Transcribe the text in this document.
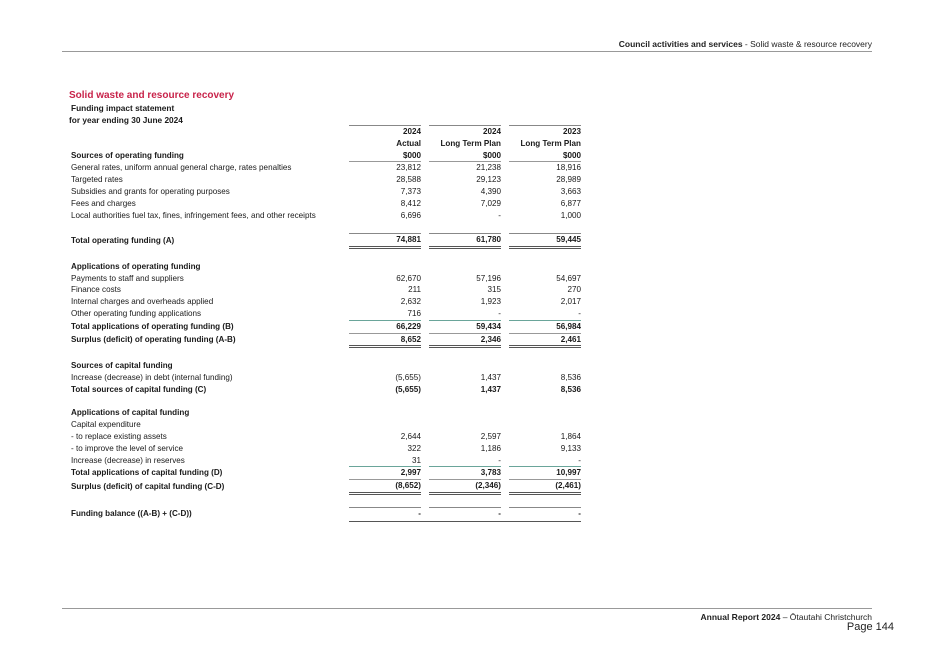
Council activities and services - Solid waste & resource recovery
Solid waste and resource recovery
Funding impact statement
for year ending 30 June 2024
		2024		2024		2023
		Actual		Long Term Plan		Long Term Plan
Sources of operating funding		$000		$000		$000
General rates, uniform annual general charge, rates penalties		23,812		21,238		18,916
Targeted rates		28,588		29,123		28,989
Subsidies and grants for operating purposes		7,373		4,390		3,663
Fees and charges		8,412		7,029		6,877
Local authorities fuel tax, fines, infringement fees, and other receipts		6,696		-		1,000

Total operating funding (A)		74,881		61,780		59,445

Applications of operating funding						
Payments to staff and suppliers		62,670		57,196		54,697
Finance costs		211		315		270
Internal charges and overheads applied		2,632		1,923		2,017
Other operating funding applications		716		-		-
Total applications of operating funding (B)		66,229		59,434		56,984
Surplus (deficit) of operating funding (A-B)		8,652		2,346		2,461

Sources of capital funding						
Increase (decrease) in debt (internal funding)		(5,655)		1,437		8,536
Total sources of capital funding (C)		(5,655)		1,437		8,536

Applications of capital funding						
Capital expenditure						
- to replace existing assets		2,644		2,597		1,864
- to improve the level of service		322		1,186		9,133
Increase (decrease) in reserves		31		-		-
Total applications of capital funding (D)		2,997		3,783		10,997
Surplus (deficit) of capital funding (C-D)		(8,652)		(2,346)		(2,461)

Funding balance ((A-B) + (C-D))		-		-		-
Annual Report 2024 – Ōtautahi Christchurch
Page 144
